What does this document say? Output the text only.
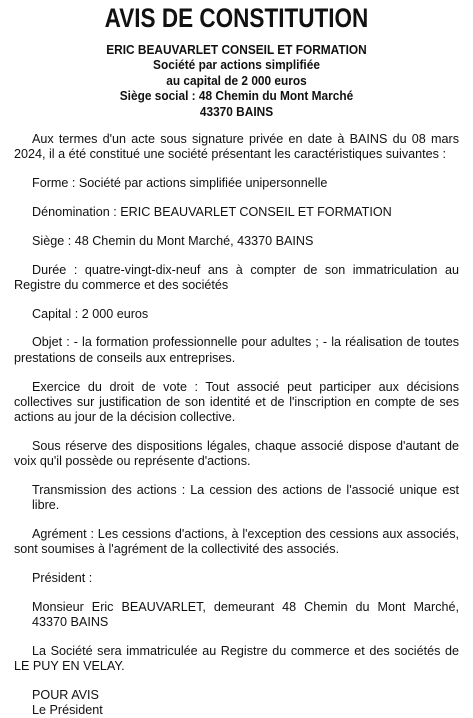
AVIS DE CONSTITUTION
ERIC BEAUVARLET CONSEIL ET FORMATION
Société par actions simplifiée
au capital de 2 000 euros
Siège social : 48 Chemin du Mont Marché
43370 BAINS

Aux termes d'un acte sous signature privée en date à BAINS du 08 mars 2024, il a été constitué une société présentant les caractéristiques suivantes :

Forme : Société par actions simplifiée unipersonnelle

Dénomination : ERIC BEAUVARLET CONSEIL ET FORMATION

Siège : 48 Chemin du Mont Marché, 43370 BAINS

Durée : quatre-vingt-dix-neuf ans à compter de son immatriculation au Registre du commerce et des sociétés

Capital : 2 000 euros

Objet : - la formation professionnelle pour adultes ; - la réalisation de toutes prestations de conseils aux entreprises.

Exercice du droit de vote : Tout associé peut participer aux décisions collectives sur justification de son identité et de l'inscription en compte de ses actions au jour de la décision collective.

Sous réserve des dispositions légales, chaque associé dispose d'autant de voix qu'il possède ou représente d'actions.

Transmission des actions : La cession des actions de l'associé unique est libre.

Agrément : Les cessions d'actions, à l'exception des cessions aux associés, sont soumises à l'agrément de la collectivité des associés.

Président :

Monsieur Eric BEAUVARLET, demeurant 48 Chemin du Mont Marché, 43370 BAINS

La Société sera immatriculée au Registre du commerce et des sociétés de LE PUY EN VELAY.

POUR AVIS
Le Président
